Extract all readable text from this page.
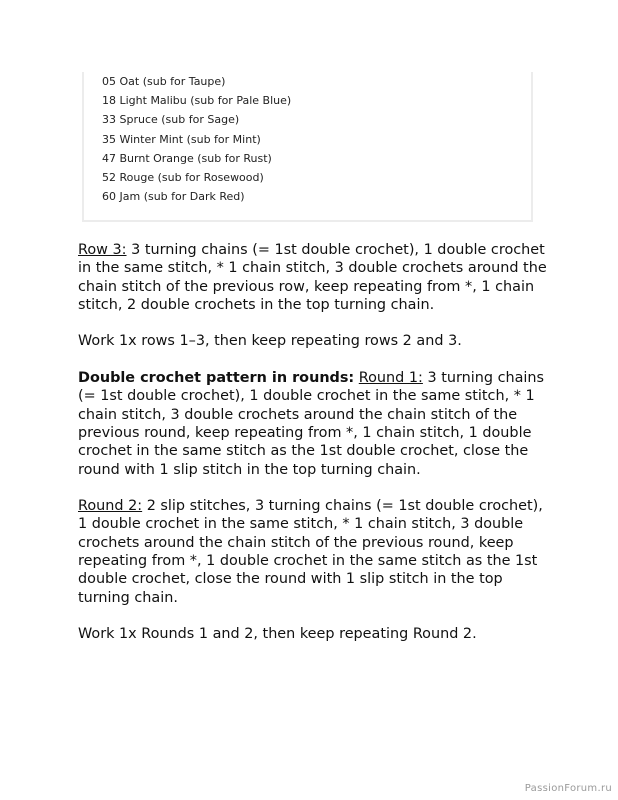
05 Oat (sub for Taupe)
18 Light Malibu (sub for Pale Blue)
33 Spruce (sub for Sage)
35 Winter Mint (sub for Mint)
47 Burnt Orange (sub for Rust)
52 Rouge (sub for Rosewood)
60 Jam (sub for Dark Red)

Row 3: 3 turning chains (= 1st double crochet), 1 double crochet in the same stitch, * 1 chain stitch, 3 double crochets around the chain stitch of the previous row, keep repeating from *, 1 chain stitch, 2 double crochets in the top turning chain.

Work 1x rows 1–3, then keep repeating rows 2 and 3.

Double crochet pattern in rounds: Round 1: 3 turning chains (= 1st double crochet), 1 double crochet in the same stitch, * 1 chain stitch, 3 double crochets around the chain stitch of the previous round, keep repeating from *, 1 chain stitch, 1 double crochet in the same stitch as the 1st double crochet, close the round with 1 slip stitch in the top turning chain.

Round 2: 2 slip stitches, 3 turning chains (= 1st double crochet), 1 double crochet in the same stitch, * 1 chain stitch, 3 double crochets around the chain stitch of the previous round, keep repeating from *, 1 double crochet in the same stitch as the 1st double crochet, close the round with 1 slip stitch in the top turning chain.

Work 1x Rounds 1 and 2, then keep repeating Round 2.

PassionForum.ru
